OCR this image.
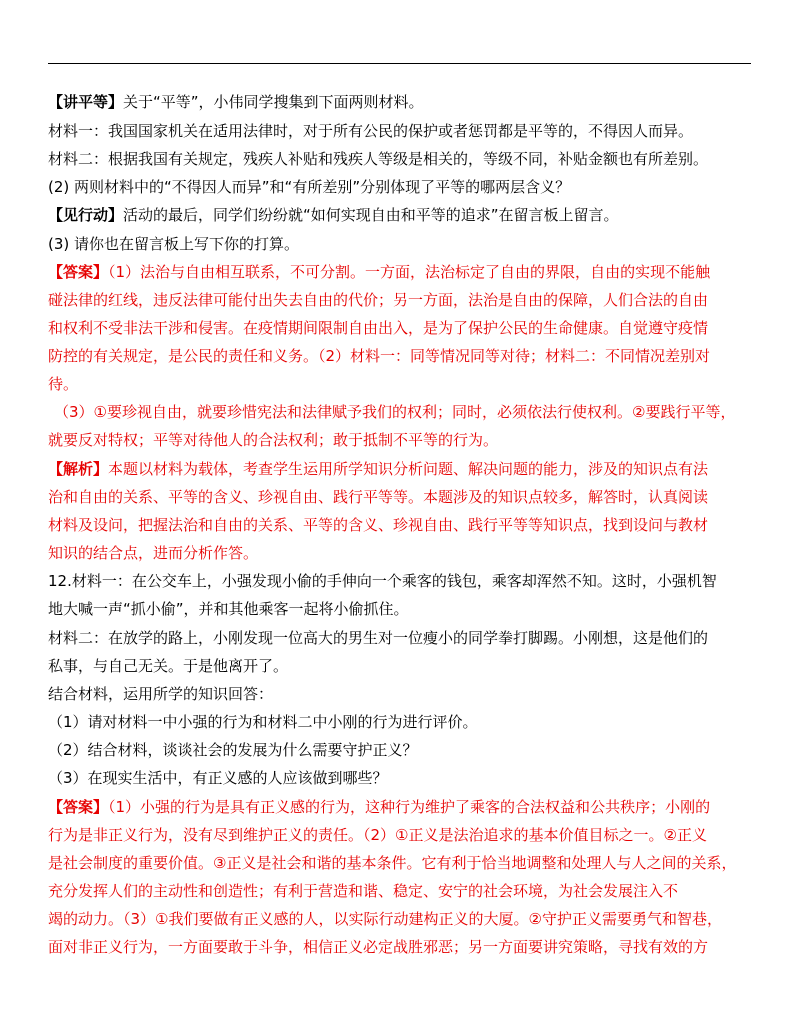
【讲平等】关于“平等”，小伟同学搜集到下面两则材料。
材料一：我国国家机关在适用法律时，对于所有公民的保护或者惩罚都是平等的，不得因人而异。
材料二：根据我国有关规定，残疾人补贴和残疾人等级是相关的，等级不同，补贴金额也有所差别。
(2) 两则材料中的“不得因人而异”和“有所差别”分别体现了平等的哪两层含义？
【见行动】活动的最后，同学们纷纷就“如何实现自由和平等的追求”在留言板上留言。
(3) 请你也在留言板上写下你的打算。
【答案】（1）法治与自由相互联系，不可分割。一方面，法治标定了自由的界限，自由的实现不能触
碰法律的红线，违反法律可能付出失去自由的代价；另一方面，法治是自由的保障，人们合法的自由
和权利不受非法干涉和侵害。在疫情期间限制自由出入，是为了保护公民的生命健康。自觉遵守疫情
防控的有关规定，是公民的责任和义务。（2）材料一：同等情况同等对待；材料二：不同情况差别对
待。
（3）①要珍视自由，就要珍惜宪法和法律赋予我们的权利；同时，必须依法行使权利。②要践行平等，
就要反对特权；平等对待他人的合法权利；敢于抵制不平等的行为。
【解析】本题以材料为载体，考查学生运用所学知识分析问题、解决问题的能力，涉及的知识点有法
治和自由的关系、平等的含义、珍视自由、践行平等等。本题涉及的知识点较多，解答时，认真阅读
材料及设问，把握法治和自由的关系、平等的含义、珍视自由、践行平等等知识点，找到设问与教材
知识的结合点，进而分析作答。
12.材料一：在公交车上，小强发现小偷的手伸向一个乘客的钱包，乘客却浑然不知。这时，小强机智
地大喊一声“抓小偷”，并和其他乘客一起将小偷抓住。
材料二：在放学的路上，小刚发现一位高大的男生对一位瘦小的同学拳打脚踢。小刚想，这是他们的
私事，与自己无关。于是他离开了。
结合材料，运用所学的知识回答：
（1）请对材料一中小强的行为和材料二中小刚的行为进行评价。
（2）结合材料，谈谈社会的发展为什么需要守护正义？
（3）在现实生活中，有正义感的人应该做到哪些？
【答案】（1）小强的行为是具有正义感的行为，这种行为维护了乘客的合法权益和公共秩序；小刚的
行为是非正义行为，没有尽到维护正义的责任。（2）①正义是法治追求的基本价值目标之一。②正义
是社会制度的重要价值。③正义是社会和谐的基本条件。它有利于恰当地调整和处理人与人之间的关系，
充分发挥人们的主动性和创造性；有利于营造和谐、稳定、安宁的社会环境，为社会发展注入不
竭的动力。（3）①我们要做有正义感的人，以实际行动建构正义的大厦。②守护正义需要勇气和智巷，
面对非正义行为，一方面要敢于斗争，相信正义必定战胜邪恶；另一方面要讲究策略，寻找有效的方
